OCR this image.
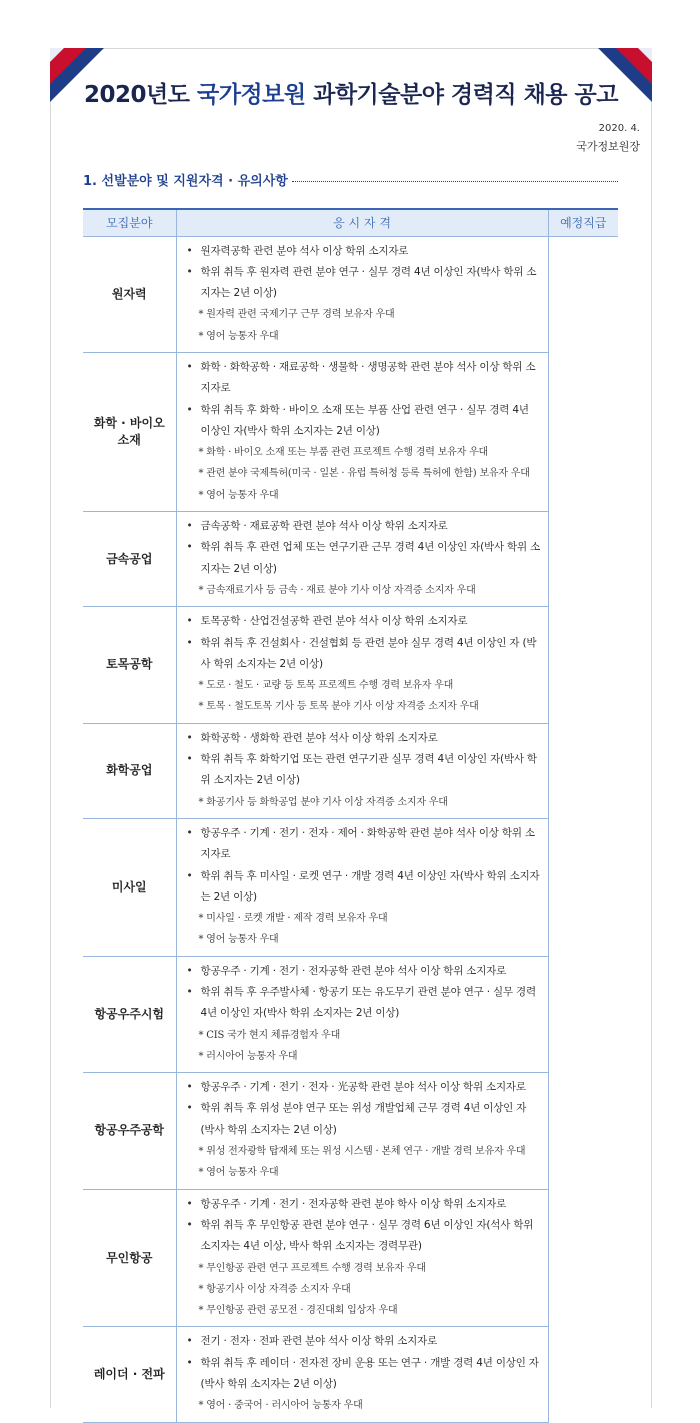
2020년도 국가정보원 과학기술분야 경력직 채용 공고
2020. 4.
국가정보원장
1. 선발분야 및 지원자격 · 유의사항
모집분야	응 시 자 격	예정직급
원자력	• 원자력공학 관련 분야 석사 이상 학위 소지자로
• 학위 취득 후 원자력 관련 분야 연구 · 실무 경력 4년 이상인 자(박사 학위 소지자는 2년 이상)
* 원자력 관련 국제기구 근무 경력 보유자 우대
* 영어 능통자 우대

화학 · 바이오 소재	• 화학 · 화학공학 · 재료공학 · 생물학 · 생명공학 관련 분야 석사 이상 학위 소지자로
• 학위 취득 후 화학 · 바이오 소재 또는 부품 산업 관련 연구 · 실무 경력 4년 이상인 자(박사 학위 소지자는 2년 이상)
* 화학 · 바이오 소재 또는 부품 관련 프로젝트 수행 경력 보유자 우대
* 관련 분야 국제특허(미국 · 일본 · 유럽 특허청 등록 특허에 한함) 보유자 우대
* 영어 능통자 우대

금속공업	• 금속공학 · 재료공학 관련 분야 석사 이상 학위 소지자로
• 학위 취득 후 관련 업체 또는 연구기관 근무 경력 4년 이상인 자(박사 학위 소지자는 2년 이상)
* 금속재료기사 등 금속 · 재료 분야 기사 이상 자격증 소지자 우대

토목공학	• 토목공학 · 산업건설공학 관련 분야 석사 이상 학위 소지자로
• 학위 취득 후 건설회사 · 건설협회 등 관련 분야 실무 경력 4년 이상인 자 (박사 학위 소지자는 2년 이상)
* 도로 · 철도 · 교량 등 토목 프로젝트 수행 경력 보유자 우대
* 토목 · 철도토목 기사 등 토목 분야 기사 이상 자격증 소지자 우대

화학공업	• 화학공학 · 생화학 관련 분야 석사 이상 학위 소지자로
• 학위 취득 후 화학기업 또는 관련 연구기관 실무 경력 4년 이상인 자(박사 학위 소지자는 2년 이상)
* 화공기사 등 화학공업 분야 기사 이상 자격증 소지자 우대

미사일	• 항공우주 · 기계 · 전기 · 전자 · 제어 · 화학공학 관련 분야 석사 이상 학위 소지자로
• 학위 취득 후 미사일 · 로켓 연구 · 개발 경력 4년 이상인 자(박사 학위 소지자는 2년 이상)
* 미사일 · 로켓 개발 · 제작 경력 보유자 우대
* 영어 능통자 우대

항공우주시험	• 항공우주 · 기계 · 전기 · 전자공학 관련 분야 석사 이상 학위 소지자로
• 학위 취득 후 우주발사체 · 항공기 또는 유도무기 관련 분야 연구 · 실무 경력 4년 이상인 자(박사 학위 소지자는 2년 이상)
* CIS 국가 현지 체류경험자 우대
* 러시아어 능통자 우대

항공우주공학	• 항공우주 · 기계 · 전기 · 전자 · 光공학 관련 분야 석사 이상 학위 소지자로
• 학위 취득 후 위성 분야 연구 또는 위성 개발업체 근무 경력 4년 이상인 자 (박사 학위 소지자는 2년 이상)
* 위성 전자광학 탑재체 또는 위성 시스템 · 본체 연구 · 개발 경력 보유자 우대
* 영어 능통자 우대

무인항공	• 항공우주 · 기계 · 전기 · 전자공학 관련 분야 학사 이상 학위 소지자로
• 학위 취득 후 무인항공 관련 분야 연구 · 실무 경력 6년 이상인 자(석사 학위 소지자는 4년 이상, 박사 학위 소지자는 경력무관)
* 무인항공 관련 연구 프로젝트 수행 경력 보유자 우대
* 항공기사 이상 자격증 소지자 우대
* 무인항공 관련 공모전 · 경진대회 입상자 우대

레이더 · 전파	• 전기 · 전자 · 전파 관련 분야 석사 이상 학위 소지자로
• 학위 취득 후 레이더 · 전자전 장비 운용 또는 연구 · 개발 경력 4년 이상인 자 (박사 학위 소지자는 2년 이상)
* 영어 · 중국어 · 러시아어 능통자 우대
